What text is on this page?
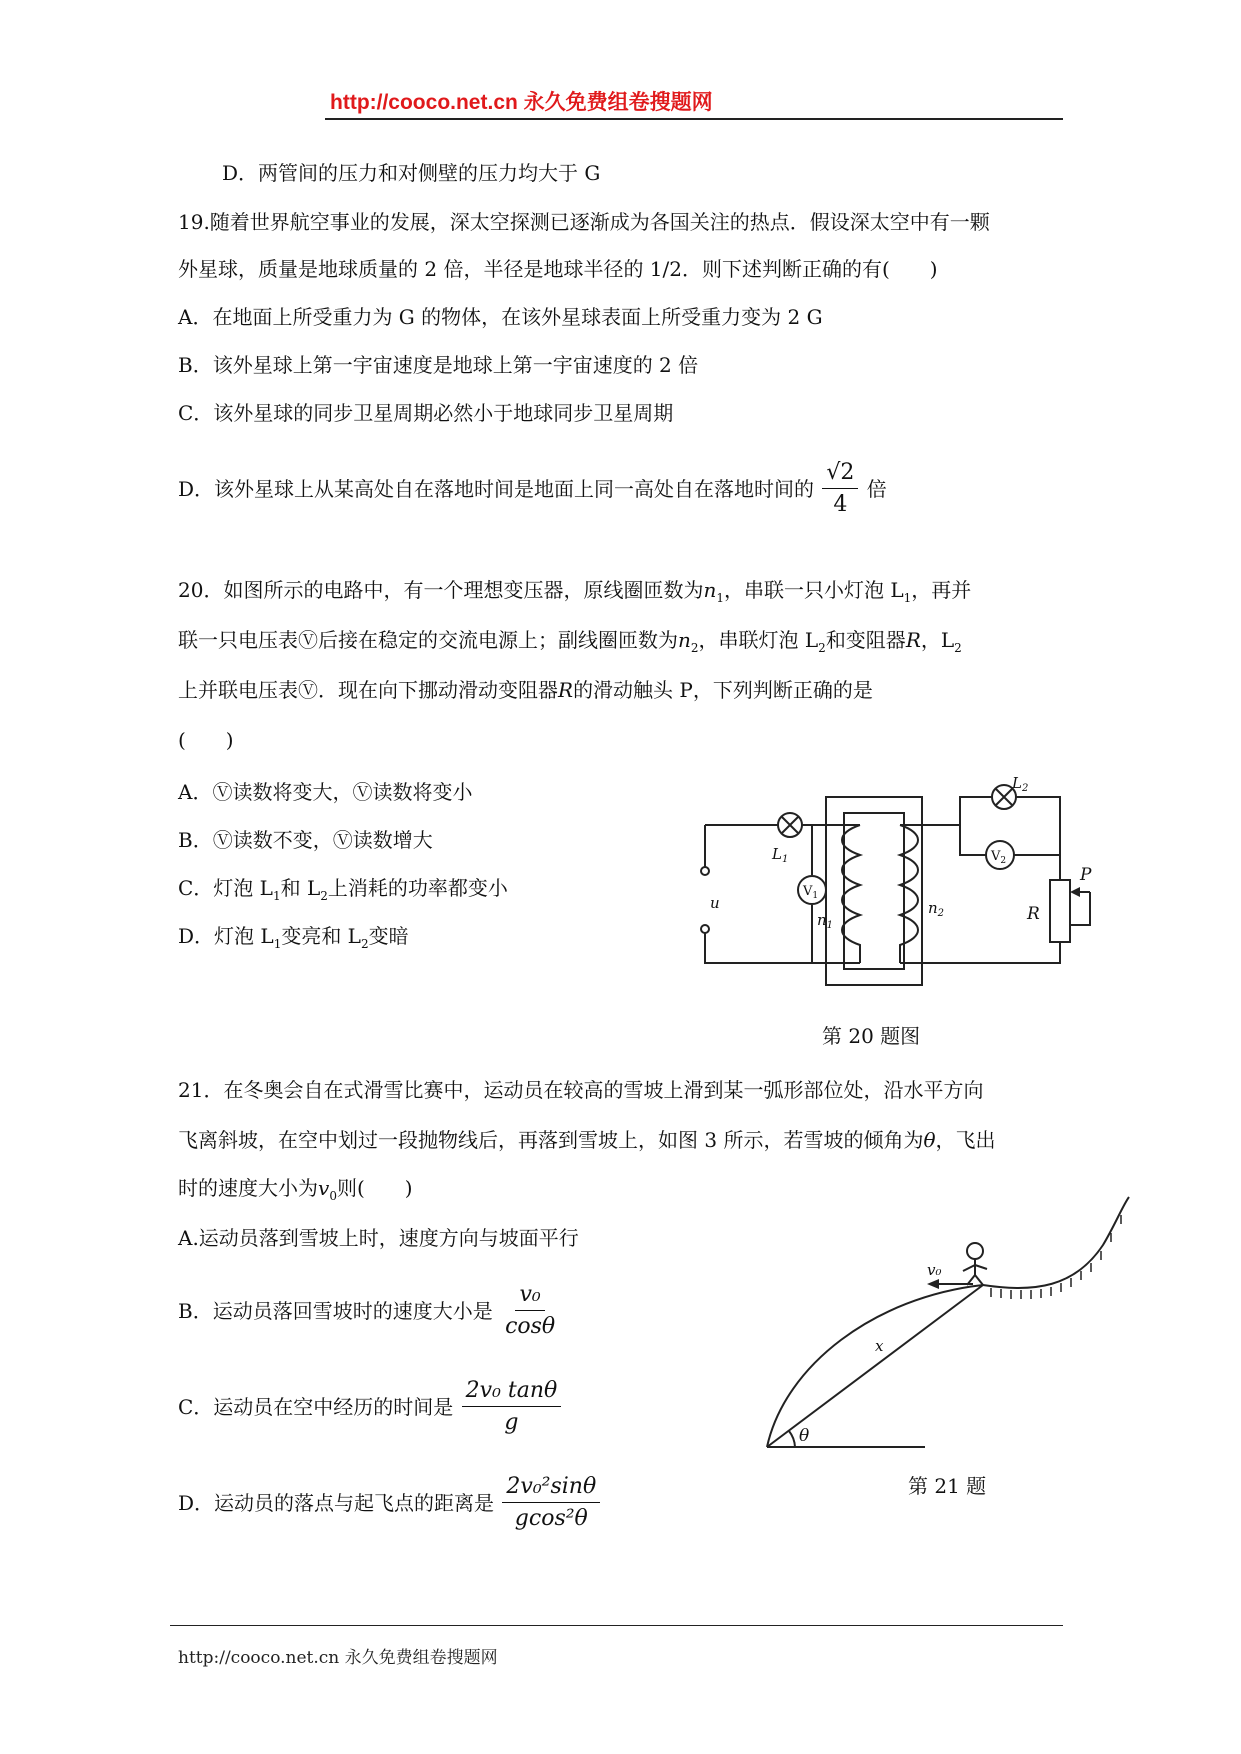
http://cooco.net.cn 永久免费组卷搜题网
D．两管间的压力和对侧壁的压力均大于 G
19.随着世界航空事业的发展，深太空探测已逐渐成为各国关注的热点．假设深太空中有一颗
外星球，质量是地球质量的 2 倍，半径是地球半径的 1/2．则下述判断正确的有(　　)
A．在地面上所受重力为 G 的物体，在该外星球表面上所受重力变为 2 G
B．该外星球上第一宇宙速度是地球上第一宇宙速度的 2 倍
C．该外星球的同步卫星周期必然小于地球同步卫星周期
D．该外星球上从某高处自在落地时间是地面上同一高处自在落地时间的 $\frac{√2}{4}$ 倍
20．如图所示的电路中，有一个理想变压器，原线圈匝数为$n_1$，串联一只小灯泡 $L_1$，再并
联一只电压表Ⓥ后接在稳定的交流电源上；副线圈匝数为$n_2$，串联灯泡 $L_2$和变阻器R，$L_2$
上并联电压表Ⓥ．现在向下挪动滑动变阻器R的滑动触头 P，下列判断正确的是
(　　)
A．Ⓥ读数将变大，Ⓥ读数将变小
B．Ⓥ读数不变，Ⓥ读数增大
C．灯泡 $L_1$和 $L_2$上消耗的功率都变小
D．灯泡 $L_1$变亮和 $L_2$变暗
$L_1$
u
$V_1$
$n_1$
$n_2$
$L_2$
$V_2$
P
R
第 20 题图
21．在冬奥会自在式滑雪比赛中，运动员在较高的雪坡上滑到某一弧形部位处，沿水平方向
飞离斜坡，在空中划过一段抛物线后，再落到雪坡上，如图 3 所示，若雪坡的倾角为θ，飞出
时的速度大小为$v_0$则(　　)
A.运动员落到雪坡上时，速度方向与坡面平行
B．运动员落回雪坡时的速度大小是 $\frac{\text{v₀}}{\cos\theta}$
C．运动员在空中经历的时间是 $\frac{\text{2v₀ tanθ}}{g}$
D．运动员的落点与起飞点的距离是 $\frac{\text{2v₀²sinθ}}{\text{gcos²θ}}$
v₀
x
θ
第 21 题
http://cooco.net.cn 永久免费组卷搜题网
